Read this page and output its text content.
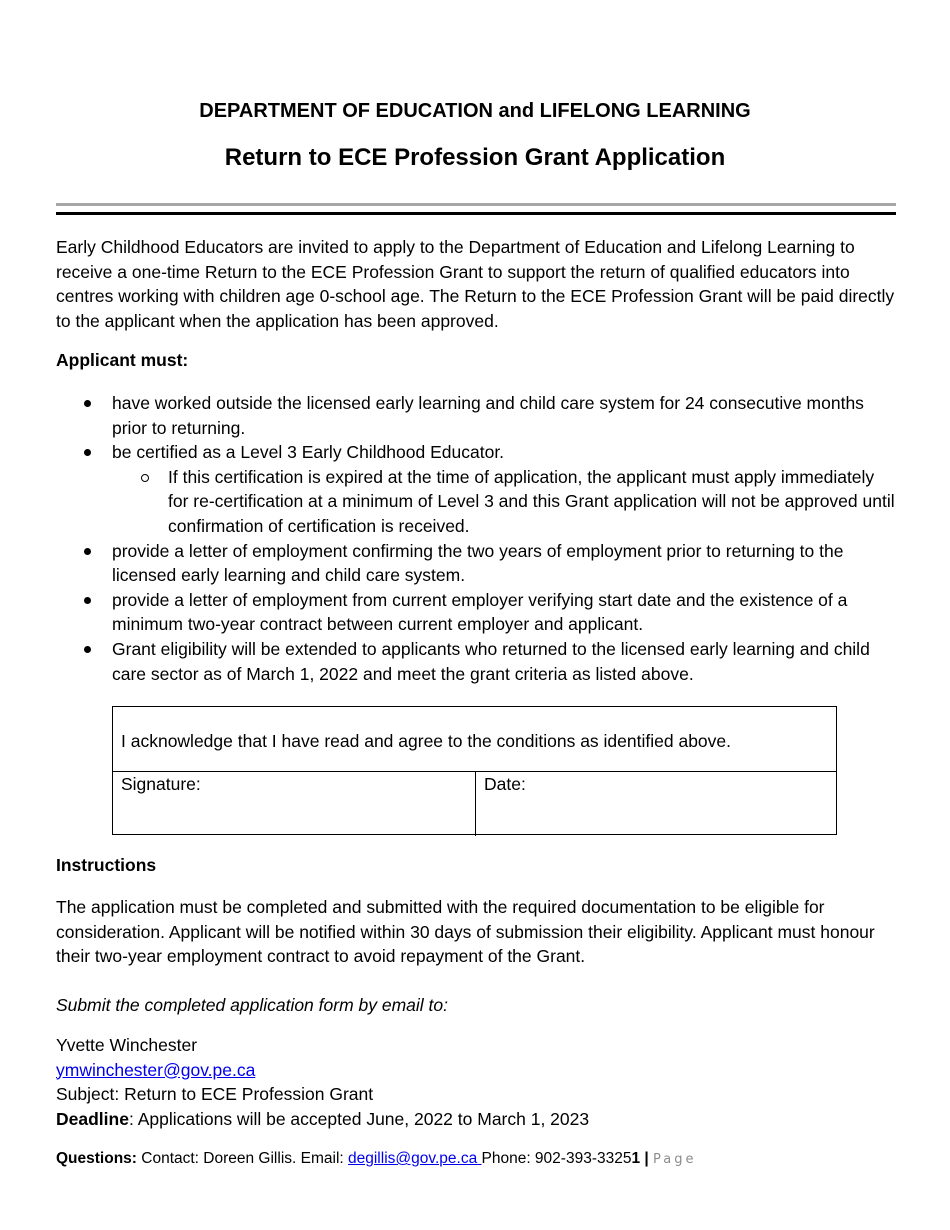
DEPARTMENT OF EDUCATION and LIFELONG LEARNING
Return to ECE Profession Grant Application
Early Childhood Educators are invited to apply to the Department of Education and Lifelong Learning to receive a one-time Return to the ECE Profession Grant to support the return of qualified educators into centres working with children age 0-school age. The Return to the ECE Profession Grant will be paid directly to the applicant when the application has been approved.
Applicant must:
have worked outside the licensed early learning and child care system for 24 consecutive months prior to returning.
be certified as a Level 3 Early Childhood Educator.
If this certification is expired at the time of application, the applicant must apply immediately for re-certification at a minimum of Level 3 and this Grant application will not be approved until confirmation of certification is received.
provide a letter of employment confirming the two years of employment prior to returning to the licensed early learning and child care system.
provide a letter of employment from current employer verifying start date and the existence of a minimum two-year contract between current employer and applicant.
Grant eligibility will be extended to applicants who returned to the licensed early learning and child care sector as of March 1, 2022 and meet the grant criteria as listed above.
I acknowledge that I have read and agree to the conditions as identified above.
Signature:	Date:
Instructions
The application must be completed and submitted with the required documentation to be eligible for consideration. Applicant will be notified within 30 days of submission their eligibility. Applicant must honour their two-year employment contract to avoid repayment of the Grant.
Submit the completed application form by email to:
Yvette Winchester
ymwinchester@gov.pe.ca
Subject: Return to ECE Profession Grant
Deadline: Applications will be accepted June, 2022 to March 1, 2023
Questions: Contact: Doreen Gillis. Email: degillis@gov.pe.ca Phone: 902-393-33251 | Page
